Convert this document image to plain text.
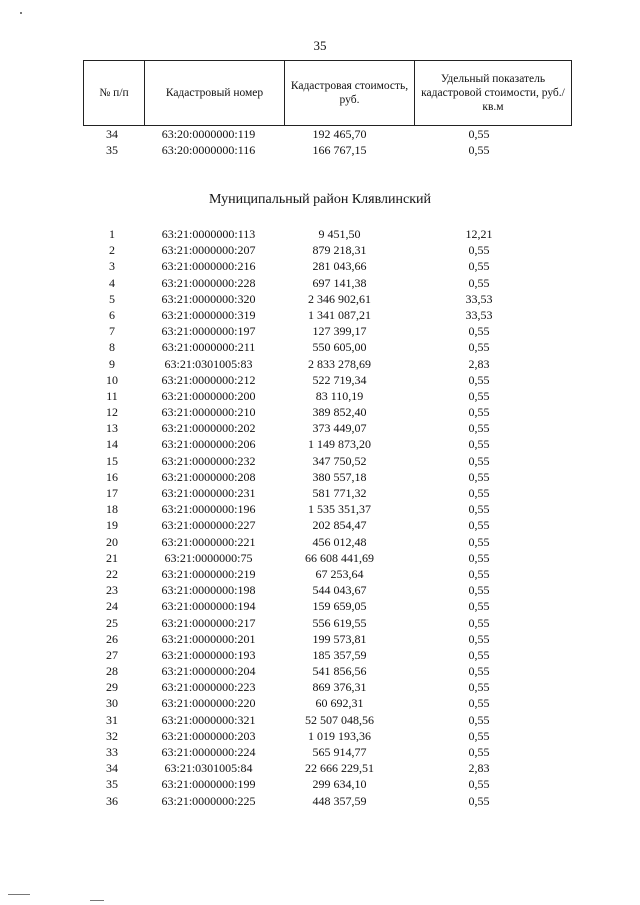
35
№ п/п	Кадастровый номер	Кадастровая стоимость, руб.	Удельный показатель кадастровой стоимости, руб./кв.м
34	63:20:0000000:119	192 465,70	0,55
35	63:20:0000000:116	166 767,15	0,55
Муниципальный район Клявлинский
1	63:21:0000000:113	9 451,50	12,21
2	63:21:0000000:207	879 218,31	0,55
3	63:21:0000000:216	281 043,66	0,55
4	63:21:0000000:228	697 141,38	0,55
5	63:21:0000000:320	2 346 902,61	33,53
6	63:21:0000000:319	1 341 087,21	33,53
7	63:21:0000000:197	127 399,17	0,55
8	63:21:0000000:211	550 605,00	0,55
9	63:21:0301005:83	2 833 278,69	2,83
10	63:21:0000000:212	522 719,34	0,55
11	63:21:0000000:200	83 110,19	0,55
12	63:21:0000000:210	389 852,40	0,55
13	63:21:0000000:202	373 449,07	0,55
14	63:21:0000000:206	1 149 873,20	0,55
15	63:21:0000000:232	347 750,52	0,55
16	63:21:0000000:208	380 557,18	0,55
17	63:21:0000000:231	581 771,32	0,55
18	63:21:0000000:196	1 535 351,37	0,55
19	63:21:0000000:227	202 854,47	0,55
20	63:21:0000000:221	456 012,48	0,55
21	63:21:0000000:75	66 608 441,69	0,55
22	63:21:0000000:219	67 253,64	0,55
23	63:21:0000000:198	544 043,67	0,55
24	63:21:0000000:194	159 659,05	0,55
25	63:21:0000000:217	556 619,55	0,55
26	63:21:0000000:201	199 573,81	0,55
27	63:21:0000000:193	185 357,59	0,55
28	63:21:0000000:204	541 856,56	0,55
29	63:21:0000000:223	869 376,31	0,55
30	63:21:0000000:220	60 692,31	0,55
31	63:21:0000000:321	52 507 048,56	0,55
32	63:21:0000000:203	1 019 193,36	0,55
33	63:21:0000000:224	565 914,77	0,55
34	63:21:0301005:84	22 666 229,51	2,83
35	63:21:0000000:199	299 634,10	0,55
36	63:21:0000000:225	448 357,59	0,55
